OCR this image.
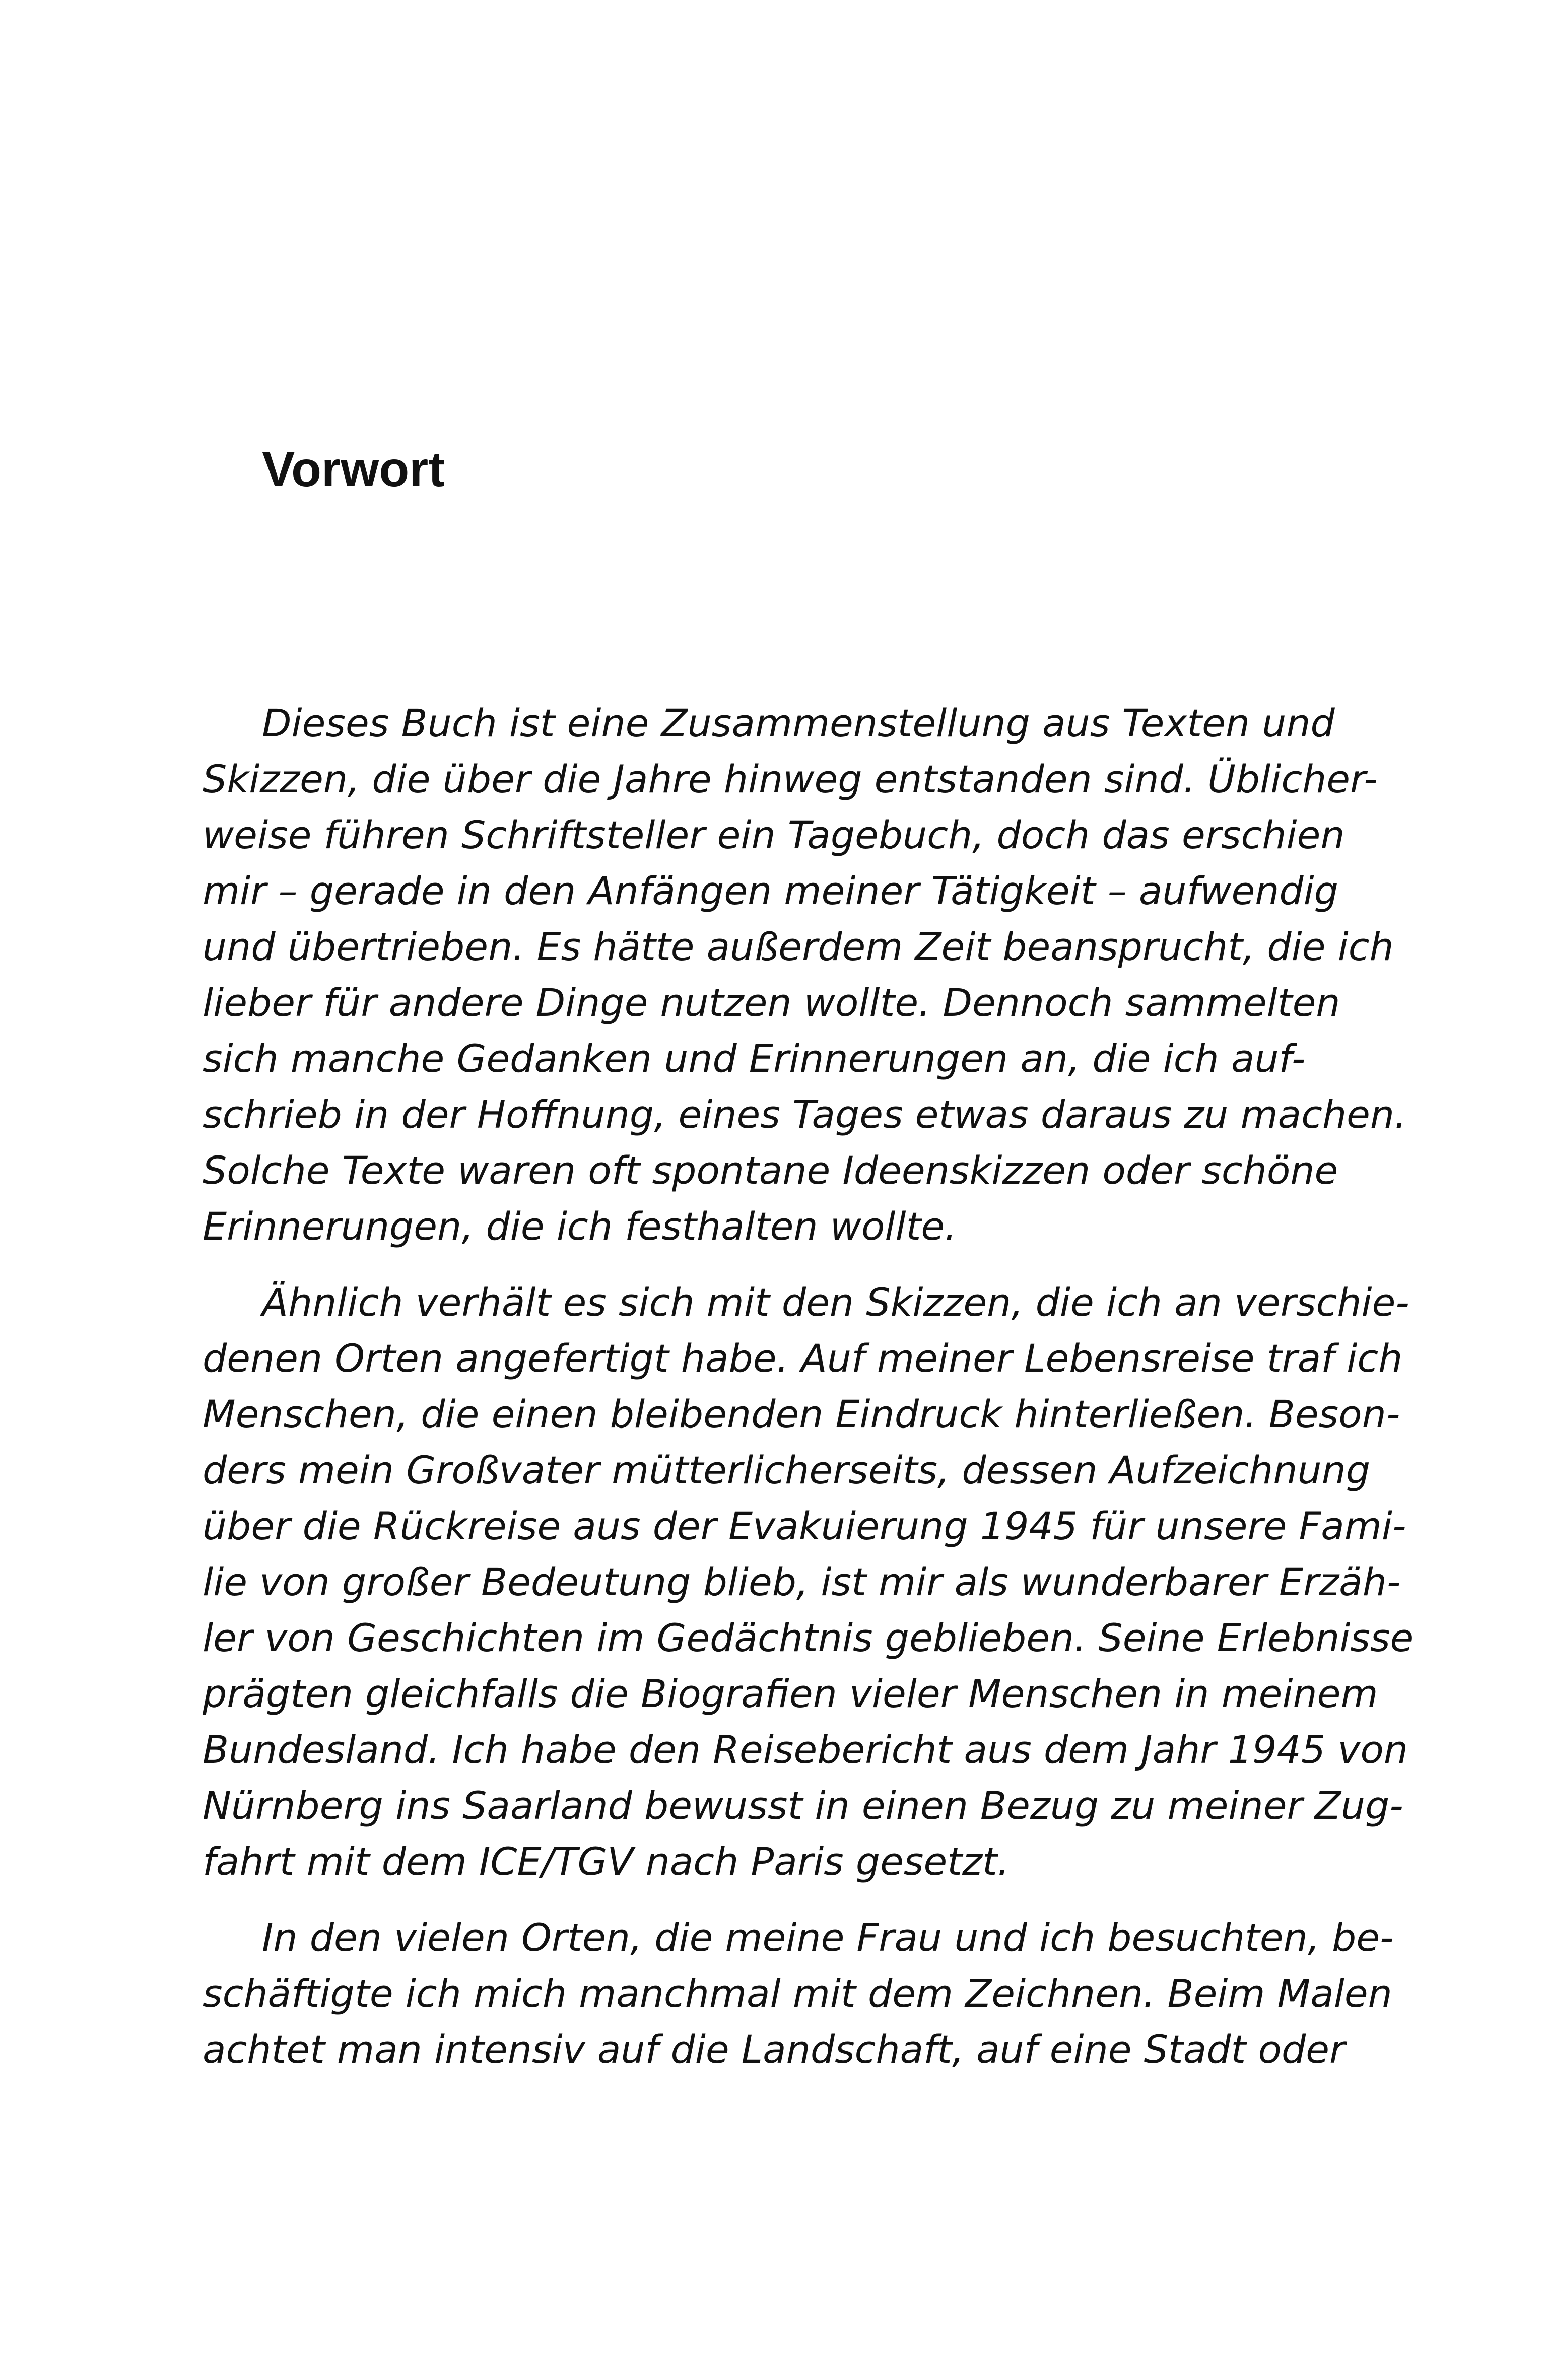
Vorwort

Dieses Buch ist eine Zusammenstellung aus Texten und
Skizzen, die über die Jahre hinweg entstanden sind. Üblicher-
weise führen Schriftsteller ein Tagebuch, doch das erschien
mir – gerade in den Anfängen meiner Tätigkeit – aufwendig
und übertrieben. Es hätte außerdem Zeit beansprucht, die ich
lieber für andere Dinge nutzen wollte. Dennoch sammelten
sich manche Gedanken und Erinnerungen an, die ich auf-
schrieb in der Hoffnung, eines Tages etwas daraus zu machen.
Solche Texte waren oft spontane Ideenskizzen oder schöne
Erinnerungen, die ich festhalten wollte.

Ähnlich verhält es sich mit den Skizzen, die ich an verschie-
denen Orten angefertigt habe. Auf meiner Lebensreise traf ich
Menschen, die einen bleibenden Eindruck hinterließen. Beson-
ders mein Großvater mütterlicherseits, dessen Aufzeichnung
über die Rückreise aus der Evakuierung 1945 für unsere Fami-
lie von großer Bedeutung blieb, ist mir als wunderbarer Erzäh-
ler von Geschichten im Gedächtnis geblieben. Seine Erlebnisse
prägten gleichfalls die Biografien vieler Menschen in meinem
Bundesland. Ich habe den Reisebericht aus dem Jahr 1945 von
Nürnberg ins Saarland bewusst in einen Bezug zu meiner Zug-
fahrt mit dem ICE/TGV nach Paris gesetzt.

In den vielen Orten, die meine Frau und ich besuchten, be-
schäftigte ich mich manchmal mit dem Zeichnen. Beim Malen
achtet man intensiv auf die Landschaft, auf eine Stadt oder
